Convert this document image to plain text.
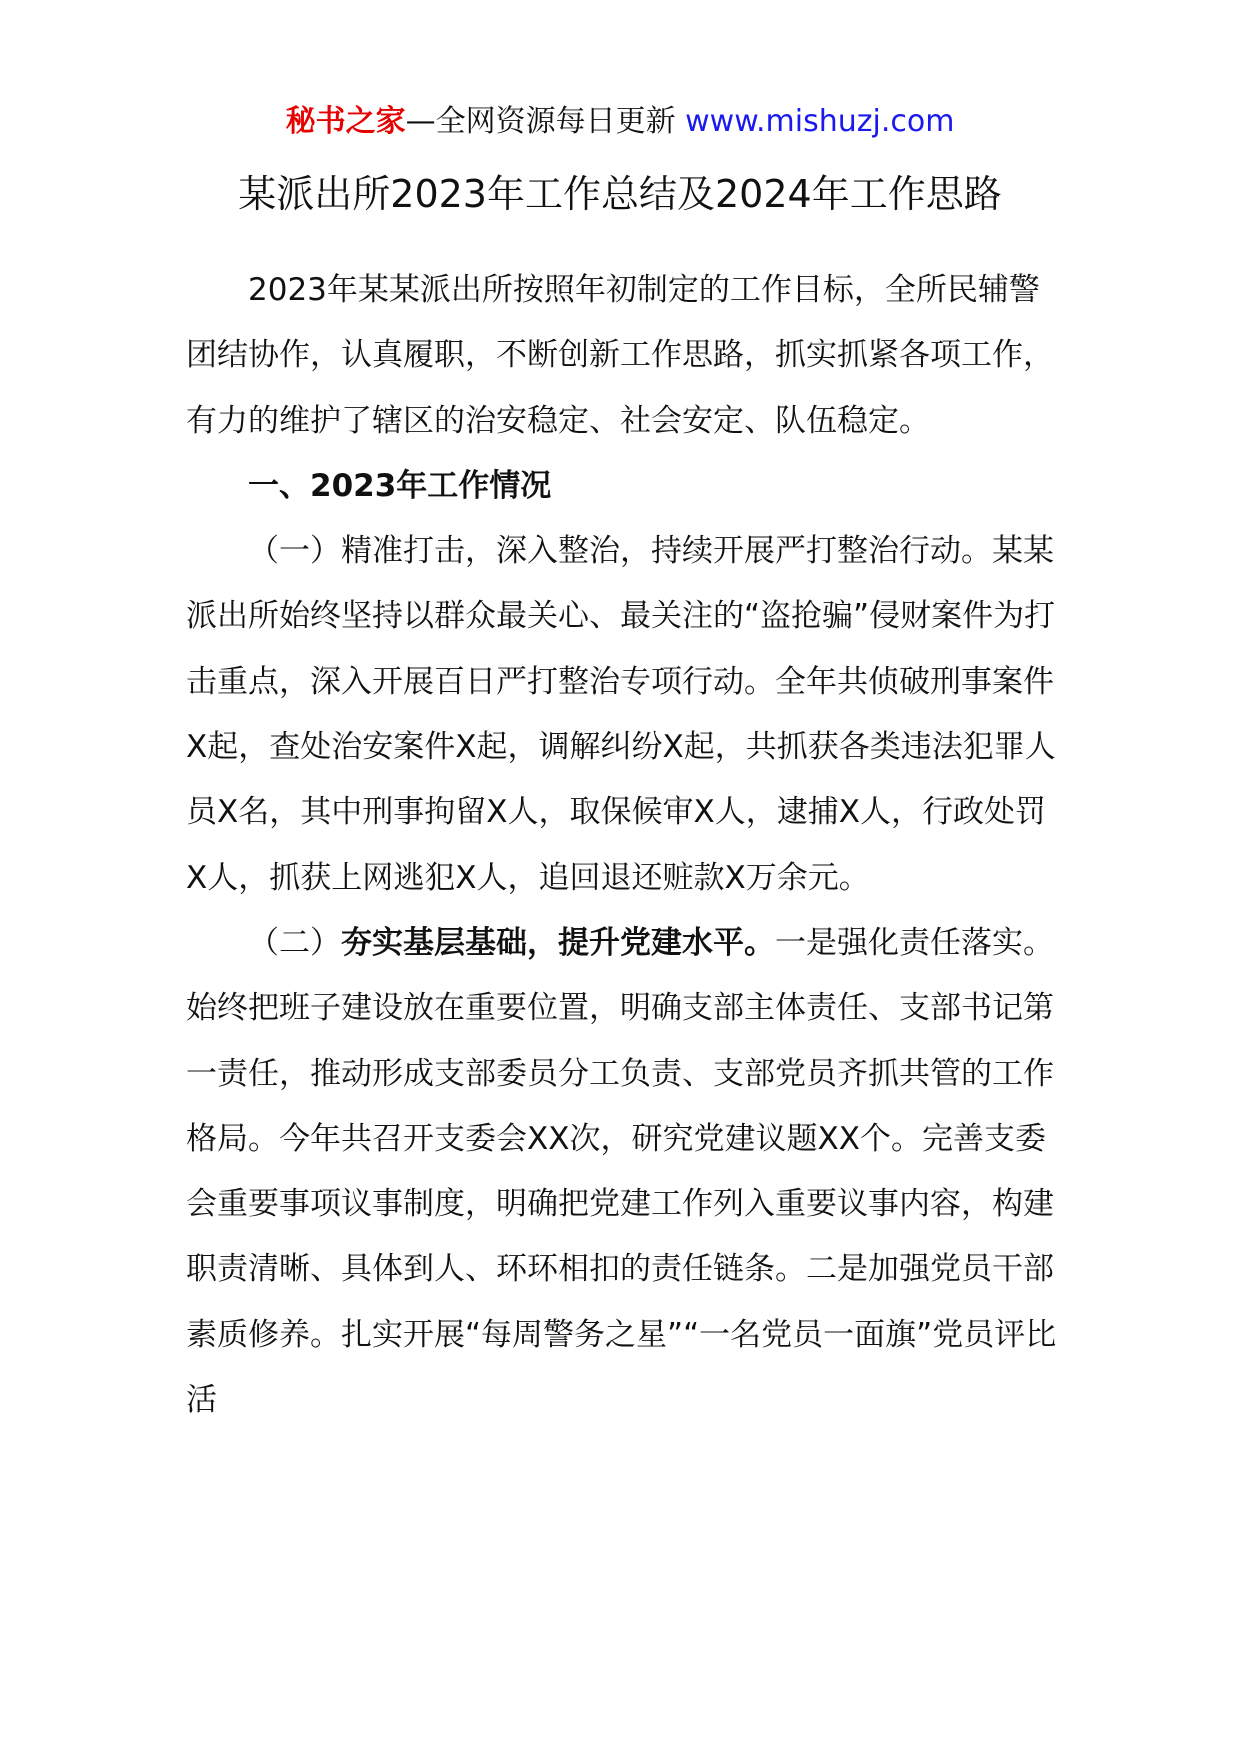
秘书之家—全网资源每日更新 www.mishuzj.com
某派出所2023年工作总结及2024年工作思路

2023年某某派出所按照年初制定的工作目标，全所民辅警团结协作，认真履职，不断创新工作思路，抓实抓紧各项工作，有力的维护了辖区的治安稳定、社会安定、队伍稳定。

一、2023年工作情况

（一）精准打击，深入整治，持续开展严打整治行动。某某派出所始终坚持以群众最关心、最关注的“盗抢骗”侵财案件为打击重点，深入开展百日严打整治专项行动。全年共侦破刑事案件X起，查处治安案件X起，调解纠纷X起，共抓获各类违法犯罪人员X名，其中刑事拘留X人，取保候审X人，逮捕X人，行政处罚X人，抓获上网逃犯X人，追回退还赃款X万余元。

（二）夯实基层基础，提升党建水平。一是强化责任落实。始终把班子建设放在重要位置，明确支部主体责任、支部书记第一责任，推动形成支部委员分工负责、支部党员齐抓共管的工作格局。今年共召开支委会XX次，研究党建议题XX个。完善支委会重要事项议事制度，明确把党建工作列入重要议事内容，构建职责清晰、具体到人、环环相扣的责任链条。二是加强党员干部素质修养。扎实开展“每周警务之星”“一名党员一面旗”党员评比活
